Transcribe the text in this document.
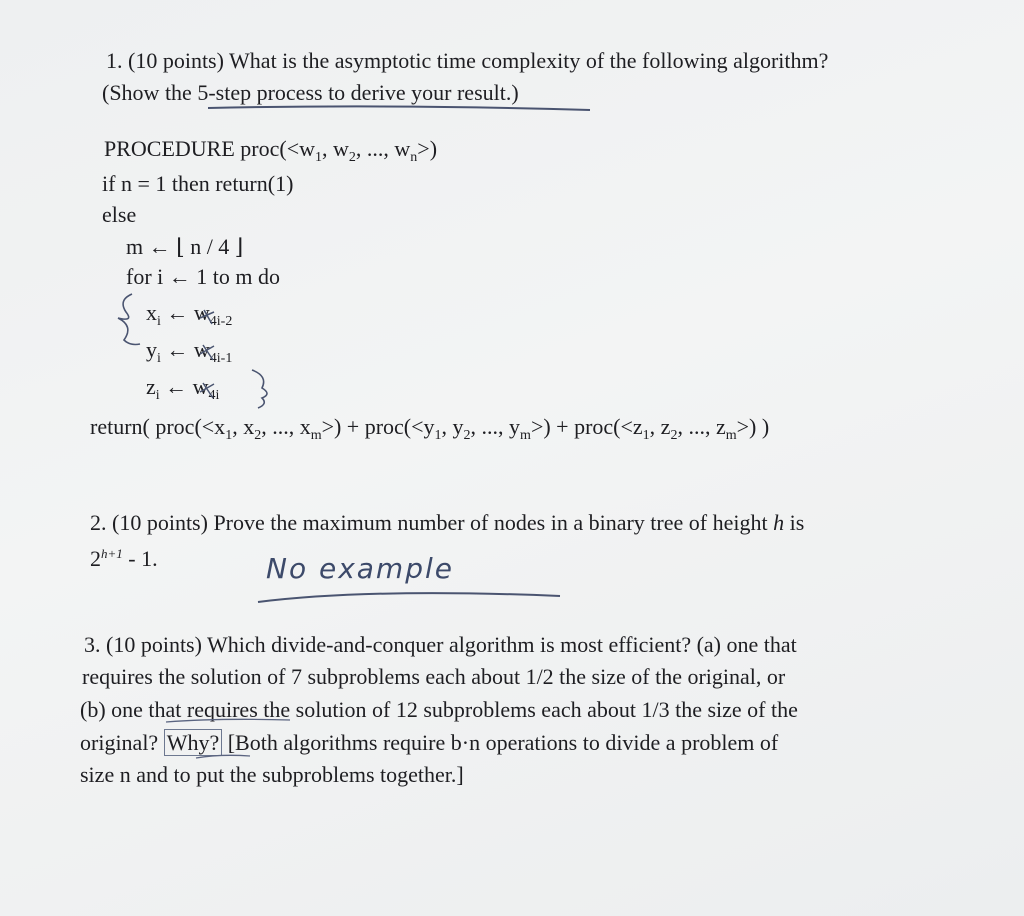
1. (10 points) What is the asymptotic time complexity of the following algorithm?
(Show the 5-step process to derive your result.)
PROCEDURE $proc(<w_1$, $w_2$, ..., $w_n>$)
if n = 1 then return(1)
else
m ← ⌊ n / 4 ⌋
for i ← 1 to m do
$x_i$ ← $w_{4i-2}$
$y_i$ ← $w_{4i-1}$
$z_i$ ← $w_{4i}$
return( $proc(<x_1$, $x_2$, ..., $x_m>$) + $proc(<y_1$, $y_2$, ..., $y_m>$) + $proc(<z_1$, $z_2$, ..., $z_m>$) )
2. (10 points) Prove the maximum number of nodes in a binary tree of height h is
$2^{h+1} - 1$.	No example
3. (10 points) Which divide-and-conquer algorithm is most efficient? (a) one that
requires the solution of 7 subproblems each about 1/2 the size of the original, or
(b) one that requires the solution of 12 subproblems each about 1/3 the size of the
original? Why? [Both algorithms require b·n operations to divide a problem of
size n and to put the subproblems together.]
